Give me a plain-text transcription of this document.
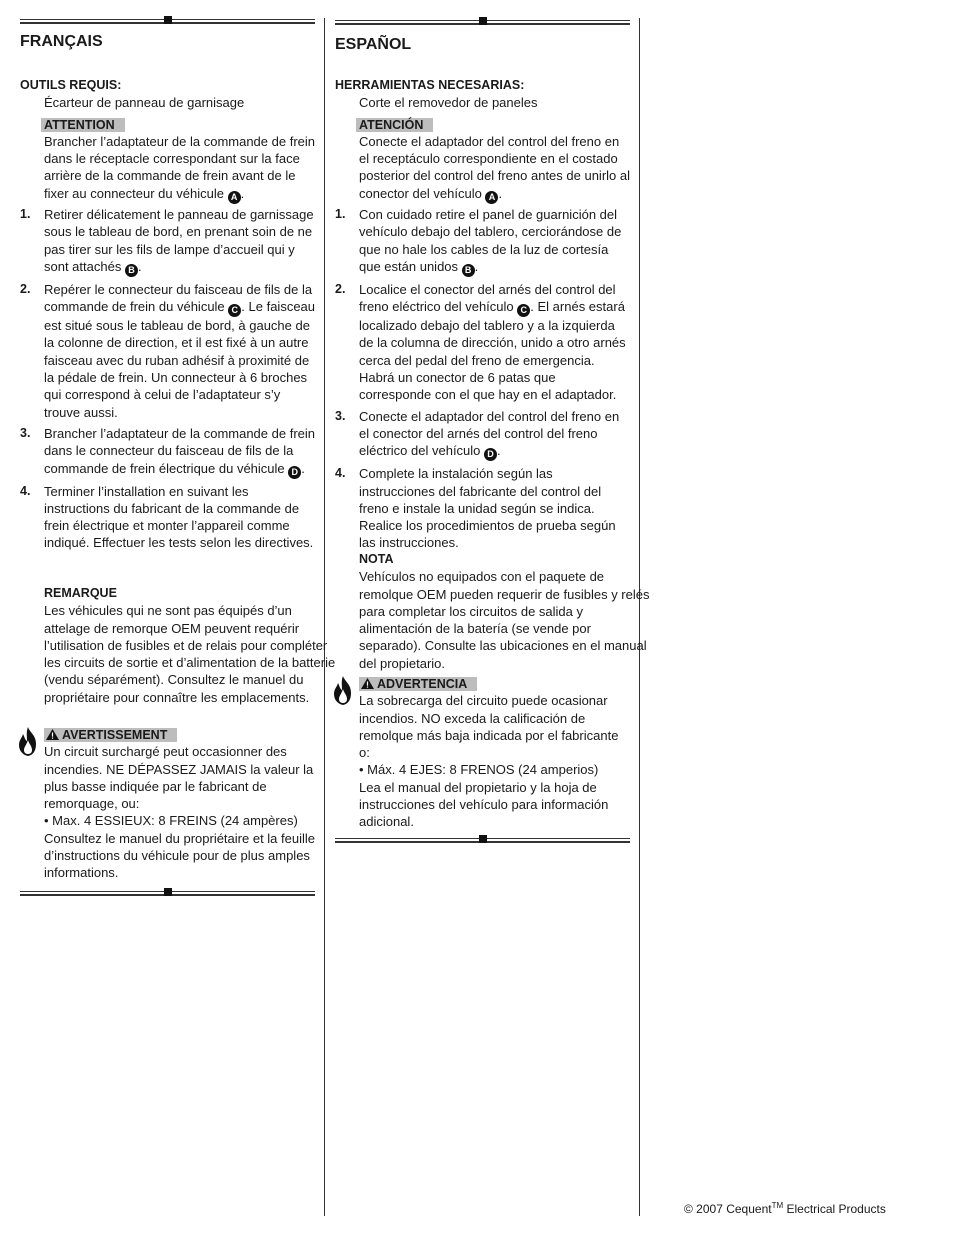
FRANÇAIS

OUTILS REQUIS:

Écarteur de panneau de garnisage

ATTENTION

Brancher l’adaptateur de la commande de frein dans le réceptacle correspondant sur la face arrière de la commande de frein avant de le fixer au connecteur du véhicule A .

1. Retirer délicatement le panneau de garnissage sous le tableau de bord, en prenant soin de ne pas tirer sur les fils de lampe d’accueil qui y sont attachés B .
2. Repérer le connecteur du faisceau de fils de la commande de frein du véhicule C . Le faisceau est situé sous le tableau de bord, à gauche de la colonne de direction, et il est fixé à un autre faisceau avec du ruban adhésif à proximité de la pédale de frein. Un connecteur à 6 broches qui correspond à celui de l’adaptateur s’y trouve aussi.
3. Brancher l’adaptateur de la commande de frein dans le connecteur du faisceau de fils de la commande de frein électrique du véhicule D .
4. Terminer l’installation en suivant les instructions du fabricant de la commande de frein électrique et monter l’appareil comme indiqué. Effectuer les tests selon les directives.

REMARQUE

Les véhicules qui ne sont pas équipés d’un attelage de remorque OEM peuvent requérir l’utilisation de fusibles et de relais pour compléter les circuits de sortie et d’alimentation de la batterie (vendu séparément). Consultez le manuel du propriétaire pour connaître les emplacements.

AVERTISSEMENT

Un circuit surchargé peut occasionner des incendies. NE DÉPASSEZ JAMAIS la valeur la plus basse indiquée par le fabricant de remorquage, ou:

• Max. 4 ESSIEUX: 8 FREINS (24 ampères)

Consultez le manuel du propriétaire et la feuille d’instructions du véhicule pour de plus amples informations.

ESPAÑOL

HERRAMIENTAS NECESARIAS:

Corte el removedor de paneles

ATENCIÓN

Conecte el adaptador del control del freno en el receptáculo correspondiente en el costado posterior del control del freno antes de unirlo al conector del vehículo A .

1. Con cuidado retire el panel de guarnición del vehículo debajo del tablero, cerciorándose de que no hale los cables de la luz de cortesía que están unidos B .
2. Localice el conector del arnés del control del freno eléctrico del vehículo C . El arnés estará localizado debajo del tablero y a la izquierda de la columna de dirección, unido a otro arnés cerca del pedal del freno de emergencia. Habrá un conector de 6 patas que corresponde con el que hay en el adaptador.
3. Conecte el adaptador del control del freno en el conector del arnés del control del freno eléctrico del vehículo D .
4. Complete la instalación según las instrucciones del fabricante del control del freno e instale la unidad según se indica. Realice los procedimientos de prueba según las instrucciones.

NOTA

Vehículos no equipados con el paquete de remolque OEM pueden requerir de fusibles y relés para completar los circuitos de salida y alimentación de la batería (se vende por separado). Consulte las ubicaciones en el manual del propietario.

ADVERTENCIA

La sobrecarga del circuito puede ocasionar incendios. NO exceda la calificación de remolque más baja indicada por el fabricante o:

• Máx. 4 EJES: 8 FRENOS (24 amperios)

Lea el manual del propietario y la hoja de instrucciones del vehículo para información adicional.

© 2007 Cequent™ Electrical Products
